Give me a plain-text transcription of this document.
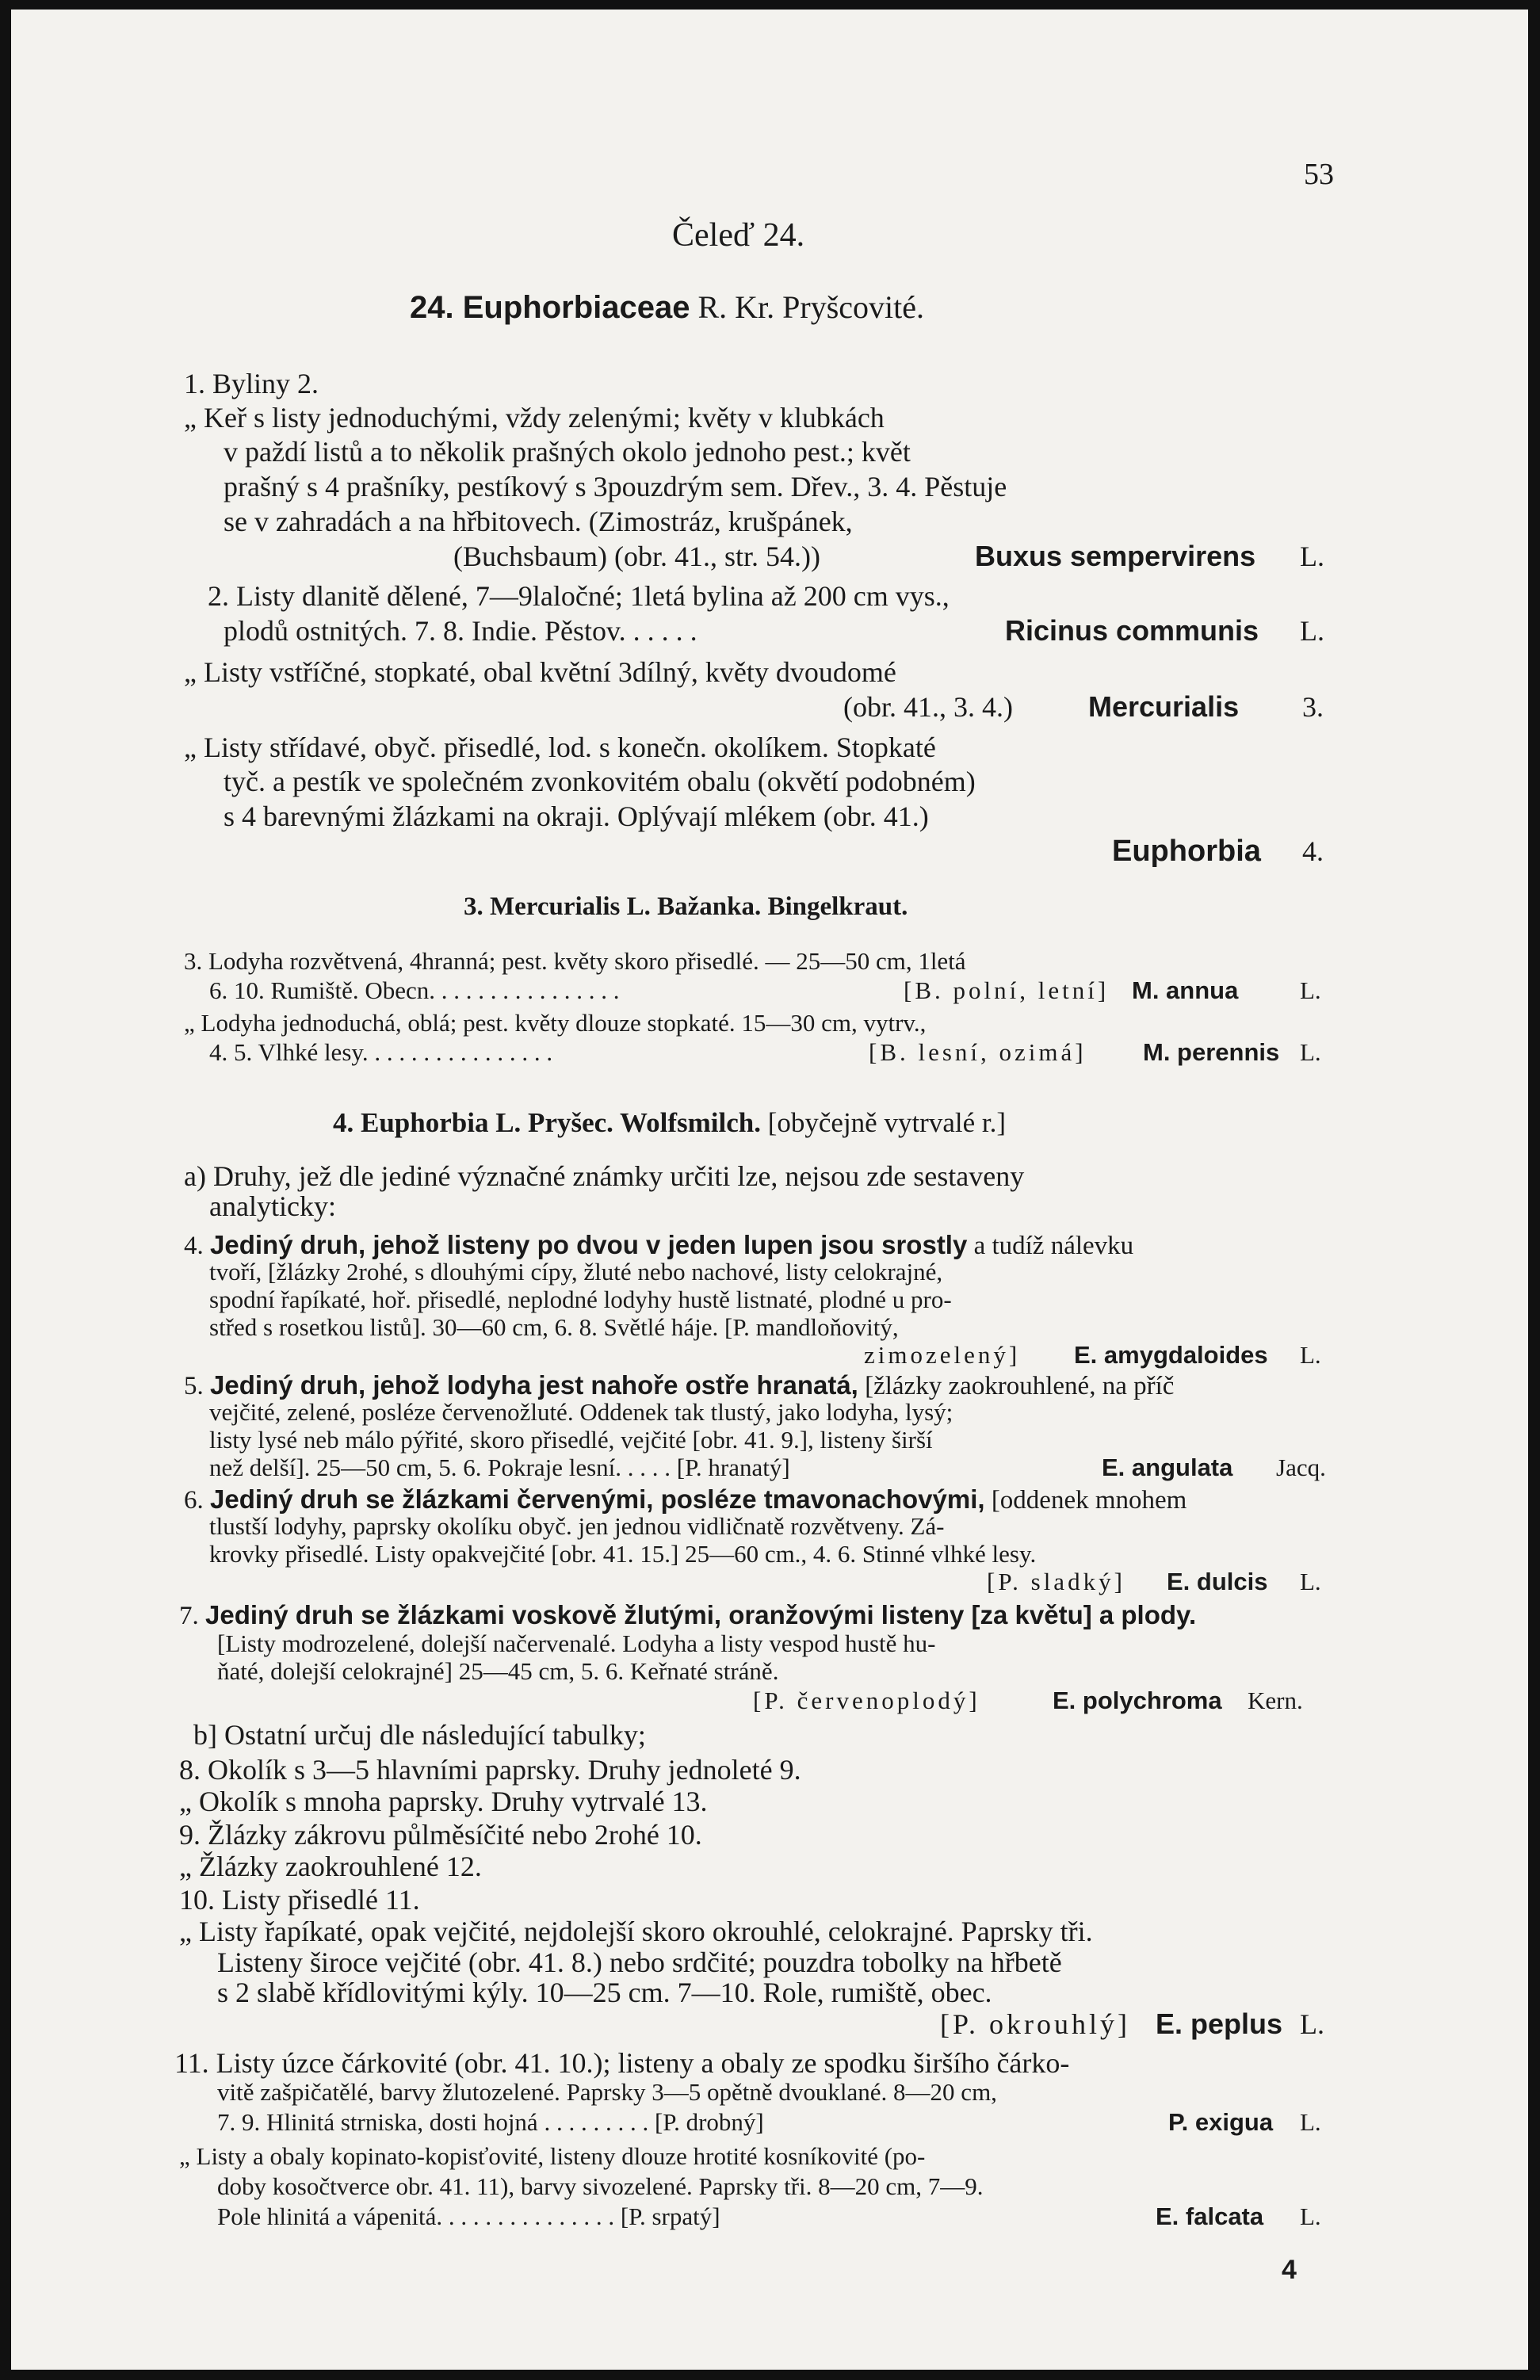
53
Čeleď 24.
24. Euphorbiaceae R. Kr. Pryšcovité.
1. Byliny 2.
„ Keř s listy jednoduchými, vždy zelenými; květy v klubkách
v paždí listů a to několik prašných okolo jednoho pest.; květ
prašný s 4 prašníky, pestíkový s 3pouzdrým sem. Dřev., 3. 4. Pěstuje
se v zahradách a na hřbitovech. (Zimostráz, krušpánek,
(Buchsbaum) (obr. 41., str. 54.))	Buxus sempervirens L.
2. Listy dlanitě dělené, 7—9laločné; 1letá bylina až 200 cm vys.,
plodů ostnitých. 7. 8. Indie. Pěstov. . . . . .	Ricinus communis L.
„ Listy vstříčné, stopkaté, obal květní 3dílný, květy dvoudomé
(obr. 41., 3. 4.)	Mercurialis 3.
„ Listy střídavé, obyč. přisedlé, lod. s konečn. okolíkem. Stopkaté
tyč. a pestík ve společném zvonkovitém obalu (okvětí podobném)
s 4 barevnými žlázkami na okraji. Oplývají mlékem (obr. 41.)
Euphorbia 4.
3. Mercurialis L. Bažanka. Bingelkraut.
3. Lodyha rozvětvená, 4hranná; pest. květy skoro přisedlé. — 25—50 cm, 1letá
6. 10. Rumiště. Obecn. . . . . . . . . . . . . . . .	[B. polní, letní] M. annua	L.
„ Lodyha jednoduchá, oblá; pest. květy dlouze stopkaté. 15—30 cm, vytrv.,
4. 5. Vlhké lesy. . . . . . . . . . . . . . . .	[B. lesní, ozimá] M. perennis L.
4. Euphorbia L. Pryšec. Wolfsmilch. [obyčejně vytrvalé r.]
a) Druhy, jež dle jediné význačné známky určiti lze, nejsou zde sestaveny
analyticky:
4. Jediný druh, jehož listeny po dvou v jeden lupen jsou srostly a tudíž nálevku
tvoří, [žlázky 2rohé, s dlouhými cípy, žluté nebo nachové, listy celokrajné,
spodní řapíkaté, hoř. přisedlé, neplodné lodyhy hustě listnaté, plodné u pro-
střed s rosetkou listů]. 30—60 cm, 6. 8. Světlé háje. [P. mandloňovitý,
zimozelený] E. amygdaloides L.
5. Jediný druh, jehož lodyha jest nahoře ostře hranatá, [žlázky zaokrouhlené, na příč
vejčité, zelené, posléze červenožluté. Oddenek tak tlustý, jako lodyha, lysý;
listy lysé neb málo pýřité, skoro přisedlé, vejčité [obr. 41. 9.], listeny širší
než delší]. 25—50 cm, 5. 6. Pokraje lesní. . . . . [P. hranatý]	E. angulata Jacq.
6. Jediný druh se žlázkami červenými, posléze tmavonachovými, [oddenek mnohem
tlustší lodyhy, paprsky okolíku obyč. jen jednou vidličnatě rozvětveny. Zá-
krovky přisedlé. Listy opakvejčité [obr. 41. 15.] 25—60 cm., 4. 6. Stinné vlhké lesy.
[P. sladký] E. dulcis L.
7. Jediný druh se žlázkami voskově žlutými, oranžovými listeny [za květu] a plody.
[Listy modrozelené, dolejší načervenalé. Lodyha a listy vespod hustě hu-
ňaté, dolejší celokrajné] 25—45 cm, 5. 6. Keřnaté stráně.
[P. červenoplodý]	E. polychroma Kern.
b] Ostatní určuj dle následující tabulky;
8. Okolík s 3—5 hlavními paprsky. Druhy jednoleté 9.
„ Okolík s mnoha paprsky. Druhy vytrvalé 13.
9. Žlázky zákrovu půlměsíčité nebo 2rohé 10.
„ Žlázky zaokrouhlené 12.
10. Listy přisedlé 11.
„ Listy řapíkaté, opak vejčité, nejdolejší skoro okrouhlé, celokrajné. Paprsky tři.
Listeny široce vejčité (obr. 41. 8.) nebo srdčité; pouzdra tobolky na hřbetě
s 2 slabě křídlovitými kýly. 10—25 cm. 7—10. Role, rumiště, obec.
[P. okrouhlý] E. peplus L.
11. Listy úzce čárkovité (obr. 41. 10.); listeny a obaly ze spodku širšího čárko-
vitě zašpičatělé, barvy žlutozelené. Paprsky 3—5 opětně dvouklané. 8—20 cm,
7. 9. Hlinitá strniska, dosti hojná . . . . . . . . . [P. drobný]	P. exigua L.
„ Listy a obaly kopinato-kopisťovité, listeny dlouze hrotité kosníkovité (po-
doby kosočtverce obr. 41. 11), barvy sivozelené. Paprsky tři. 8—20 cm, 7—9.
Pole hlinitá a vápenitá. . . . . . . . . . . . . . . [P. srpatý]	E. falcata L.
4
